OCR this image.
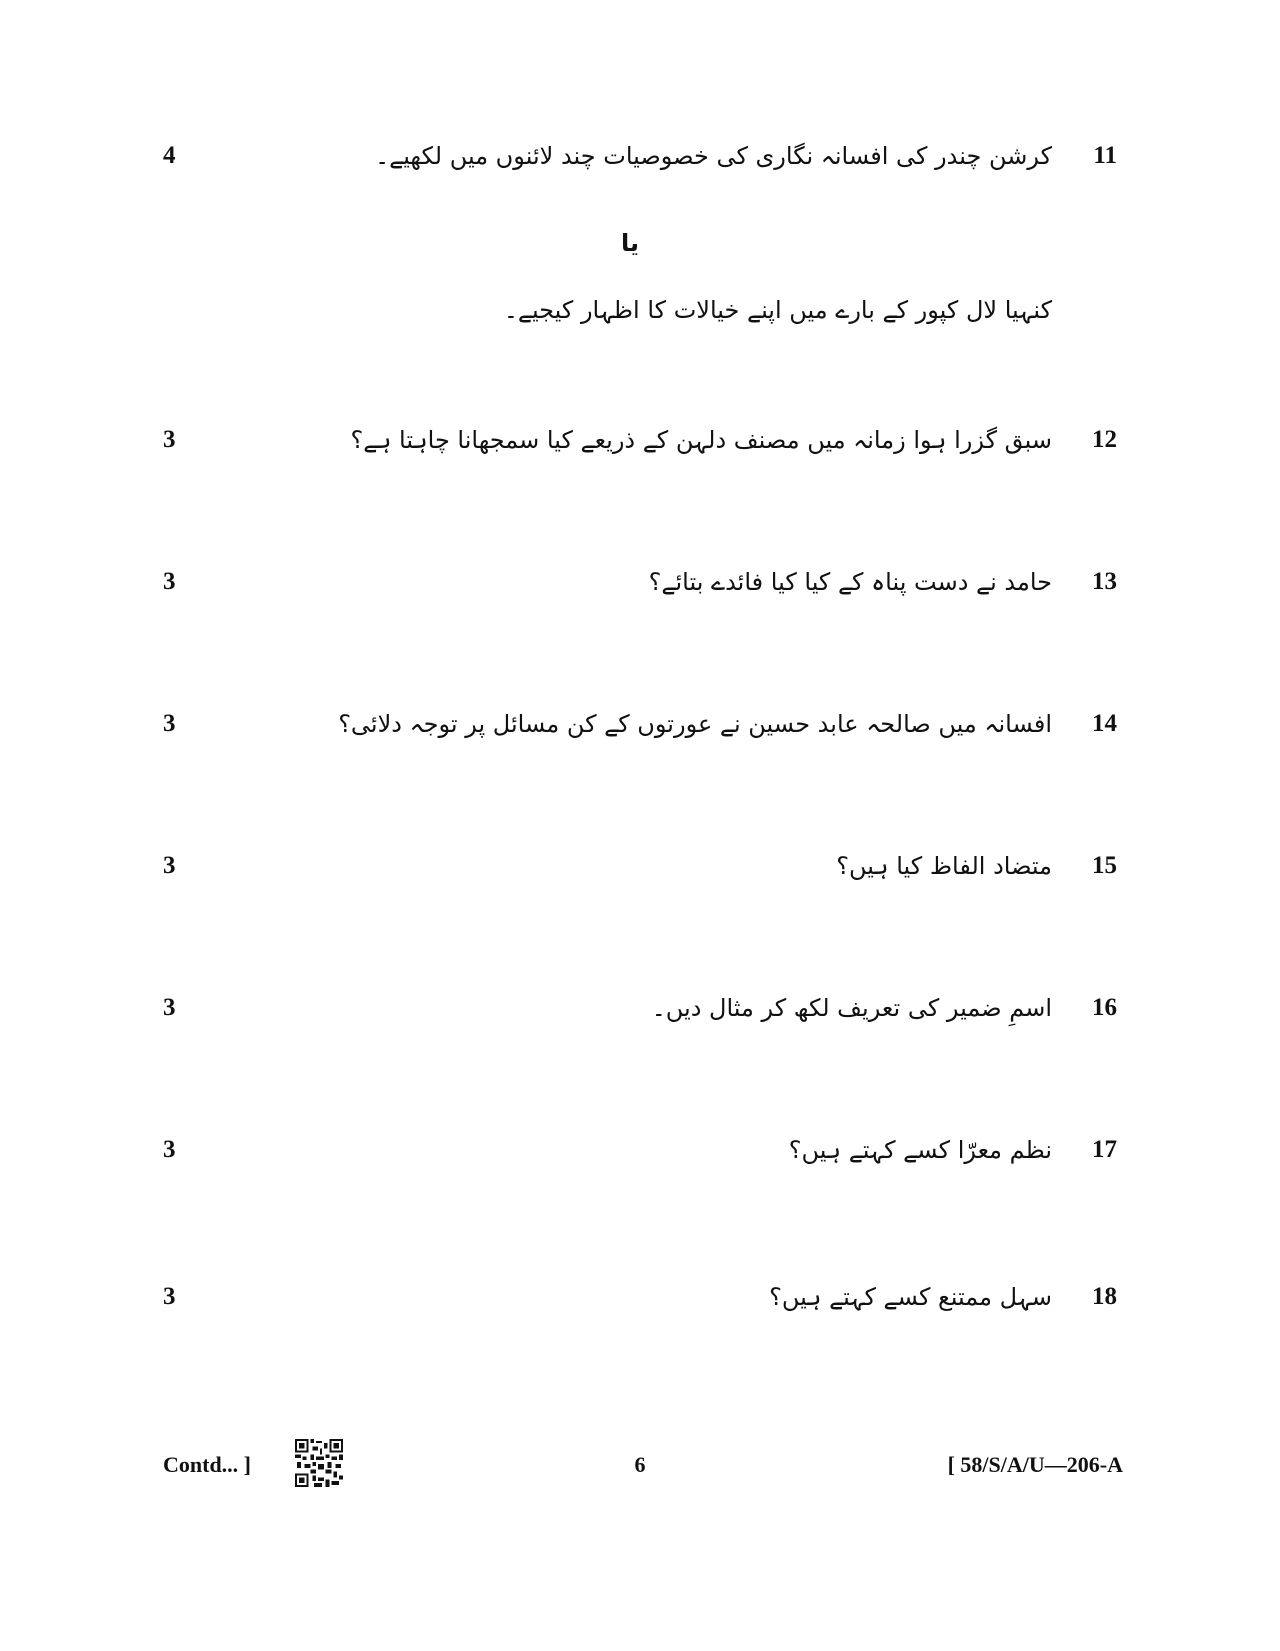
4	کرشن چندر کی افسانہ نگاری کی خصوصیات چند لائنوں میں لکھیے۔ 11
یا
کنہیا لال کپور کے بارے میں اپنے خیالات کا اظہار کیجیے۔
3	سبق گزرا ہوا زمانہ میں مصنف دلہن کے ذریعے کیا سمجھانا چاہتا ہے؟ 12
3	حامد نے دست پناہ کے کیا کیا فائدے بتائے؟ 13
3	افسانہ میں صالحہ عابد حسین نے عورتوں کے کن مسائل پر توجہ دلائی؟ 14
3	متضاد الفاظ کیا ہیں؟ 15
3	اسمِ ضمیر کی تعریف لکھ کر مثال دیں۔ 16
3	نظم معرّا کسے کہتے ہیں؟ 17
3	سہل ممتنع کسے کہتے ہیں؟ 18
Contd... ]	6	[ 58/S/A/U—206-A
